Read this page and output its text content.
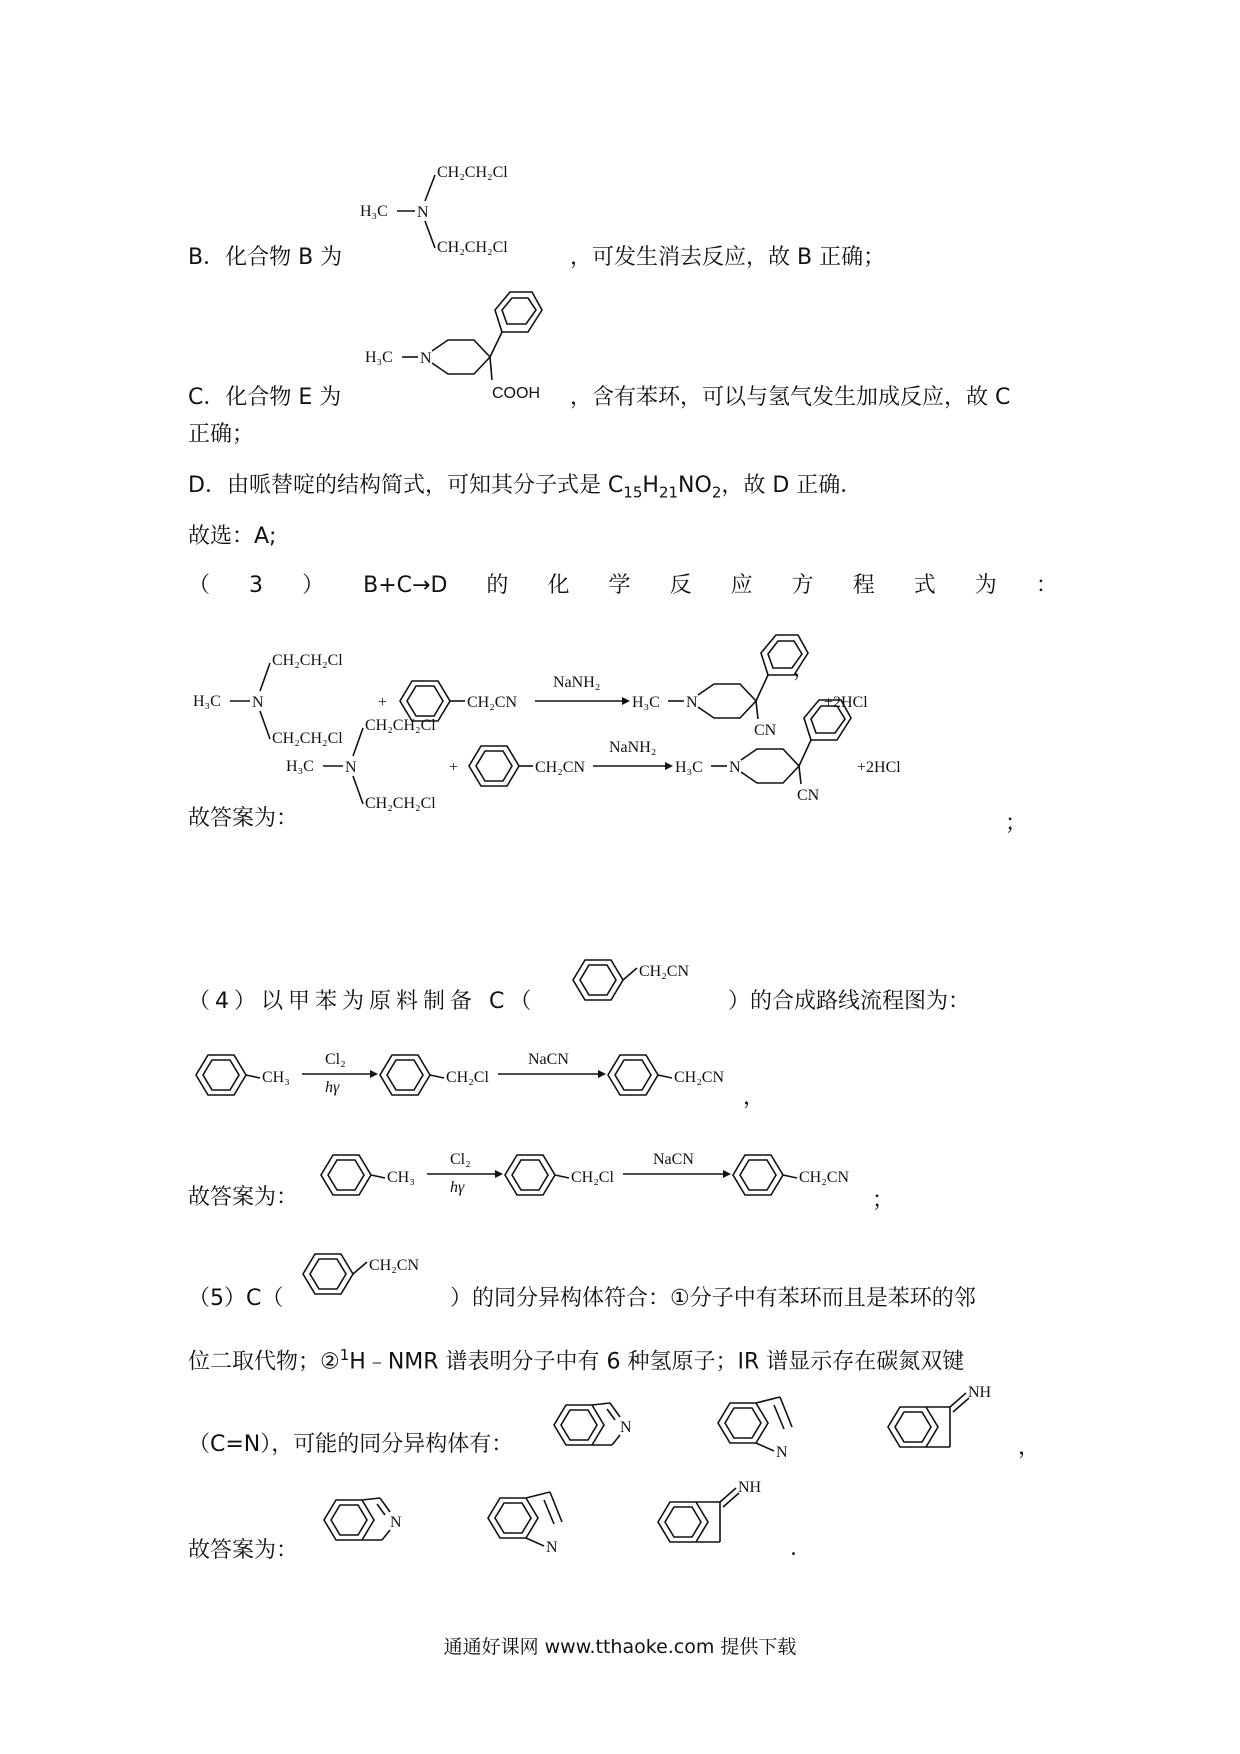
B．化合物 B 为
H₃C N
CH₂CH₂Cl
CH₂CH₂Cl	，可发生消去反应，故 B 正确；
C．化合物 E 为
H₃C N
COOH ，含有苯环，可以与氢气发生加成反应，故 C
正确；
D．由哌替啶的结构简式，可知其分子式是 $C_{15}H_{21}NO_2$，故 D 正确．
故选：A;
（ 3 ） B+C→D 的 化 学 反 应 方 程 式 为 ：
H₃C N
CH₂CH₂Cl
CH₂CH₂Cl
+	CH₂CN
NaNH₂
H₃C N
CN
+2HCl
，
故答案为：
H₃C N
CH₂CH₂Cl
CH₂CH₂Cl
+	CH₂CN
NaNH₂
H₃C N
CN
+2HCl
；
（4）以甲苯为原料制备 C（
CH₂CN
）的合成路线流程图为：
CH₃
Cl₂
hγ
CH₂Cl
NaCN
CH₂CN
，
故答案为：
CH₃
Cl₂
hγ
CH₂Cl
NaCN
CH₂CN
；
（5）C（
CH₂CN
）的同分异构体符合：①分子中有苯环而且是苯环的邻
位二取代物；②$^1$H﹣NMR 谱表明分子中有 6 种氢原子；IR 谱显示存在碳氮双键
（C=N），可能的同分异构体有：
N
N
NH
，
故答案为：
N
N
NH
.
通通好课网 www.tthaoke.com 提供下载
